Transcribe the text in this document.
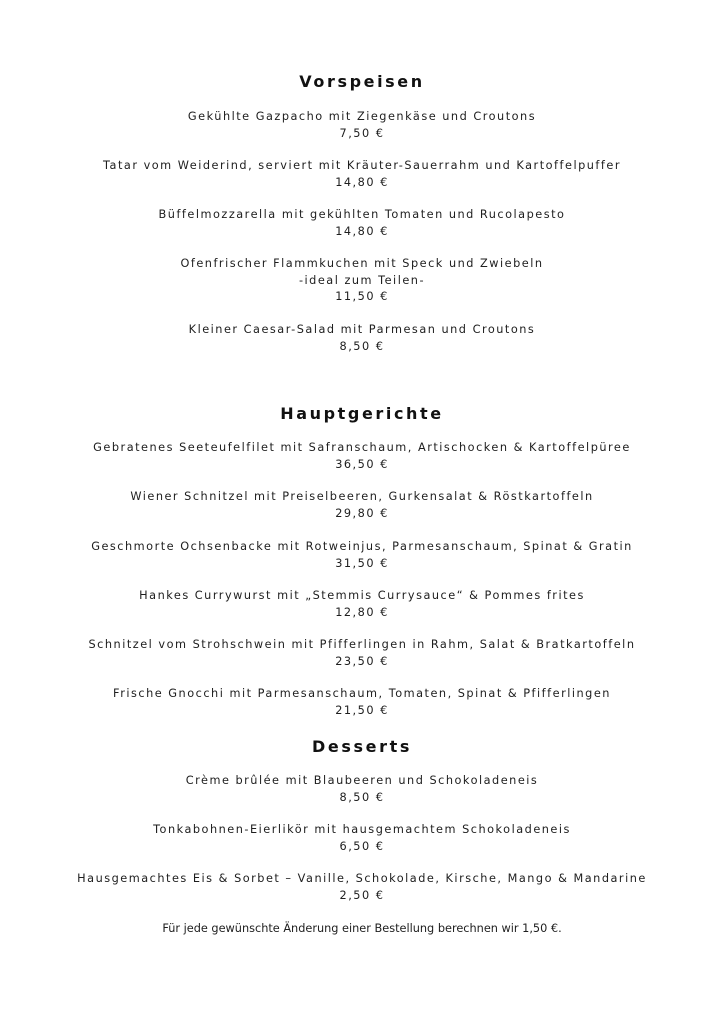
Vorspeisen
Gekühlte Gazpacho mit Ziegenkäse und Croutons
7,50 €
Tatar vom Weiderind, serviert mit Kräuter-Sauerrahm und Kartoffelpuffer
14,80 €
Büffelmozzarella mit gekühlten Tomaten und Rucolapesto
14,80 €
Ofenfrischer Flammkuchen mit Speck und Zwiebeln
-ideal zum Teilen-
11,50 €
Kleiner Caesar-Salad mit Parmesan und Croutons
8,50 €
Hauptgerichte
Gebratenes Seeteufelfilet mit Safranschaum, Artischocken & Kartoffelpüree
36,50 €
Wiener Schnitzel mit Preiselbeeren, Gurkensalat & Röstkartoffeln
29,80 €
Geschmorte Ochsenbacke mit Rotweinjus, Parmesanschaum, Spinat & Gratin
31,50 €
Hankes Currywurst mit „Stemmis Currysauce“ & Pommes frites
12,80 €
Schnitzel vom Strohschwein mit Pfifferlingen in Rahm, Salat & Bratkartoffeln
23,50 €
Frische Gnocchi mit Parmesanschaum, Tomaten, Spinat & Pfifferlingen
21,50 €
Desserts
Crème brûlée mit Blaubeeren und Schokoladeneis
8,50 €
Tonkabohnen-Eierlikör mit hausgemachtem Schokoladeneis
6,50 €
Hausgemachtes Eis & Sorbet – Vanille, Schokolade, Kirsche, Mango & Mandarine
2,50 €
Für jede gewünschte Änderung einer Bestellung berechnen wir 1,50 €.
